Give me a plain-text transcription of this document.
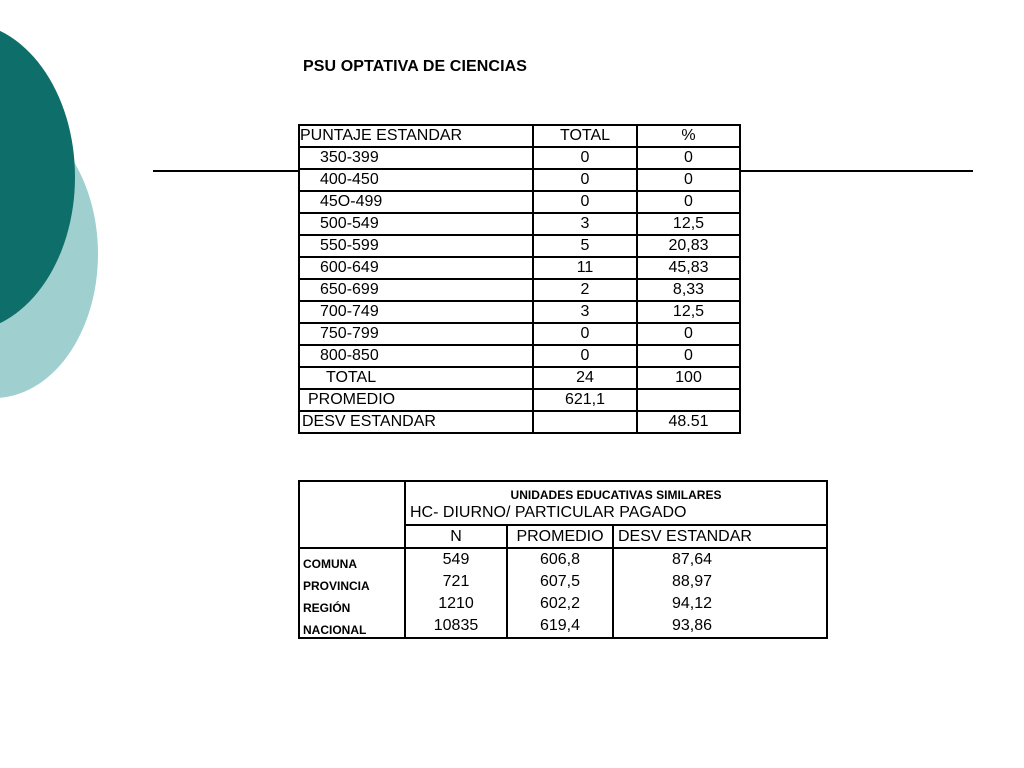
PSU OPTATIVA DE CIENCIAS
PUNTAJE ESTANDAR	TOTAL	%
350-399	0	0
400-450	0	0
45O-499	0	0
500-549	3	12,5
550-599	5	20,83
600-649	11	45,83
650-699	2	8,33
700-749	3	12,5
750-799	0	0
800-850	0	0
TOTAL	24	100
PROMEDIO	621,1	
DESV ESTANDAR		48.51
	UNIDADES EDUCATIVAS SIMILARES		
	HC- DIURNO/ PARTICULAR PAGADO		
	N	PROMEDIO	DESV ESTANDAR
COMUNA	549	606,8	87,64
PROVINCIA	721	607,5	88,97
REGIÓN	1210	602,2	94,12
NACIONAL	10835	619,4	93,86
